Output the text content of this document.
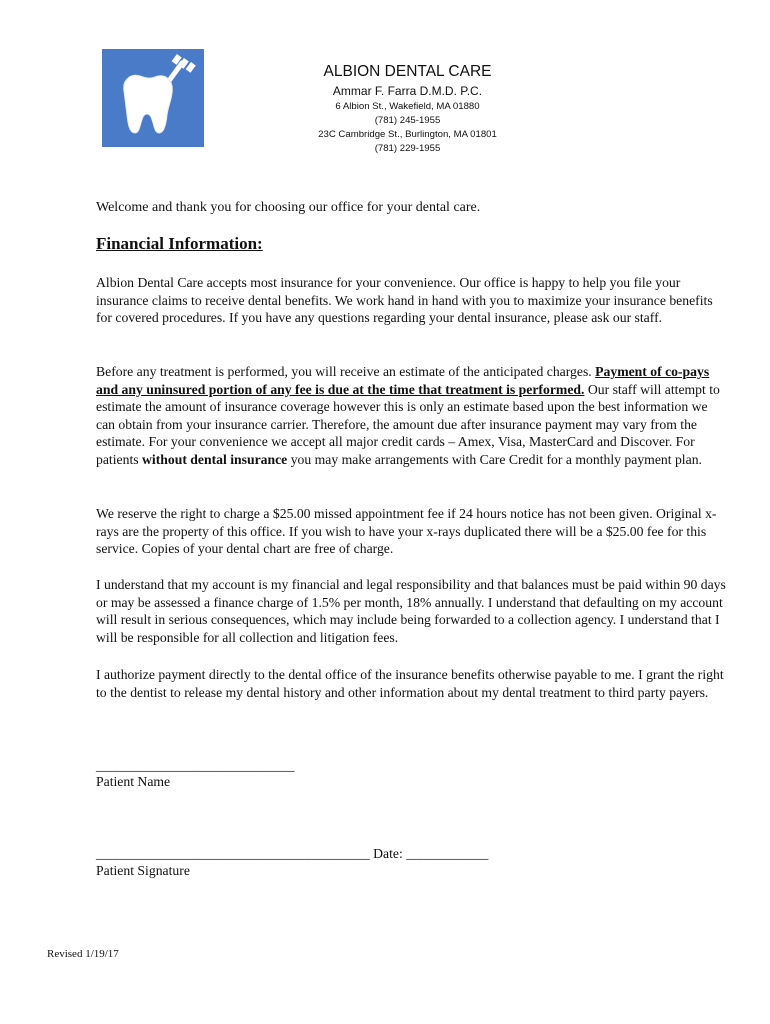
ALBION DENTAL CARE
Ammar F. Farra D.M.D. P.C.
6 Albion St., Wakefield, MA 01880
(781) 245-1955
23C Cambridge St., Burlington, MA 01801
(781) 229-1955
Welcome and thank you for choosing our office for your dental care.
Financial Information:

Albion Dental Care accepts most insurance for your convenience. Our office is happy to help you file your insurance claims to receive dental benefits. We work hand in hand with you to maximize your insurance benefits for covered procedures. If you have any questions regarding your dental insurance, please ask our staff.

Before any treatment is performed, you will receive an estimate of the anticipated charges. Payment of co-pays and any uninsured portion of any fee is due at the time that treatment is performed. Our staff will attempt to estimate the amount of insurance coverage however this is only an estimate based upon the best information we can obtain from your insurance carrier. Therefore, the amount due after insurance payment may vary from the estimate. For your convenience we accept all major credit cards – Amex, Visa, MasterCard and Discover. For patients without dental insurance you may make arrangements with Care Credit for a monthly payment plan.

We reserve the right to charge a $25.00 missed appointment fee if 24 hours notice has not been given. Original x-rays are the property of this office. If you wish to have your x-rays duplicated there will be a $25.00 fee for this service. Copies of your dental chart are free of charge.

I understand that my account is my financial and legal responsibility and that balances must be paid within 90 days or may be assessed a finance charge of 1.5% per month, 18% annually. I understand that defaulting on my account will result in serious consequences, which may include being forwarded to a collection agency. I understand that I will be responsible for all collection and litigation fees.

I authorize payment directly to the dental office of the insurance benefits otherwise payable to me. I grant the right to the dentist to release my dental history and other information about my dental treatment to third party payers.

_____________________________
Patient Name
________________________________________ Date: ____________
Patient Signature
Revised 1/19/17
